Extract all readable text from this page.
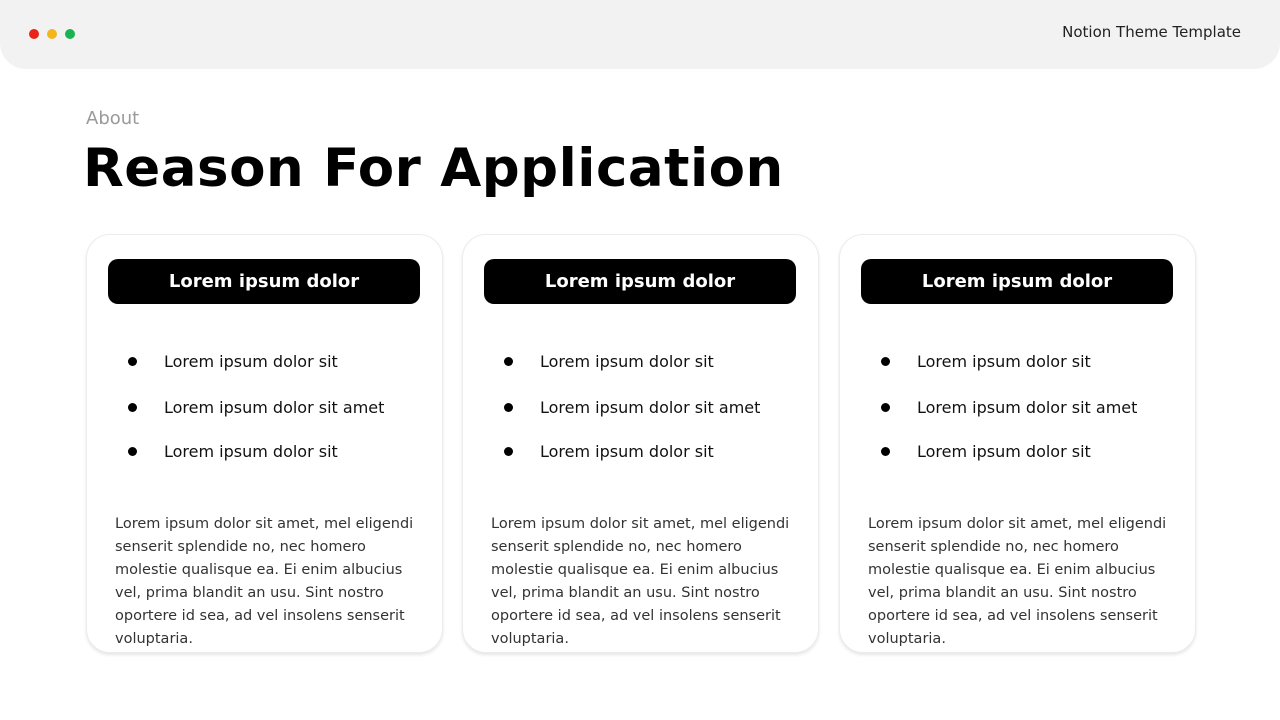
Notion Theme Template
About
Reason For Application
Lorem ipsum dolor
Lorem ipsum dolor sit
Lorem ipsum dolor sit amet
Lorem ipsum dolor sit
Lorem ipsum dolor sit amet, mel eligendi senserit splendide no, nec homero molestie qualisque ea. Ei enim albucius vel, prima blandit an usu. Sint nostro oportere id sea, ad vel insolens senserit voluptaria.
Lorem ipsum dolor
Lorem ipsum dolor sit
Lorem ipsum dolor sit amet
Lorem ipsum dolor sit
Lorem ipsum dolor sit amet, mel eligendi senserit splendide no, nec homero molestie qualisque ea. Ei enim albucius vel, prima blandit an usu. Sint nostro oportere id sea, ad vel insolens senserit voluptaria.
Lorem ipsum dolor
Lorem ipsum dolor sit
Lorem ipsum dolor sit amet
Lorem ipsum dolor sit
Lorem ipsum dolor sit amet, mel eligendi senserit splendide no, nec homero molestie qualisque ea. Ei enim albucius vel, prima blandit an usu. Sint nostro oportere id sea, ad vel insolens senserit voluptaria.
